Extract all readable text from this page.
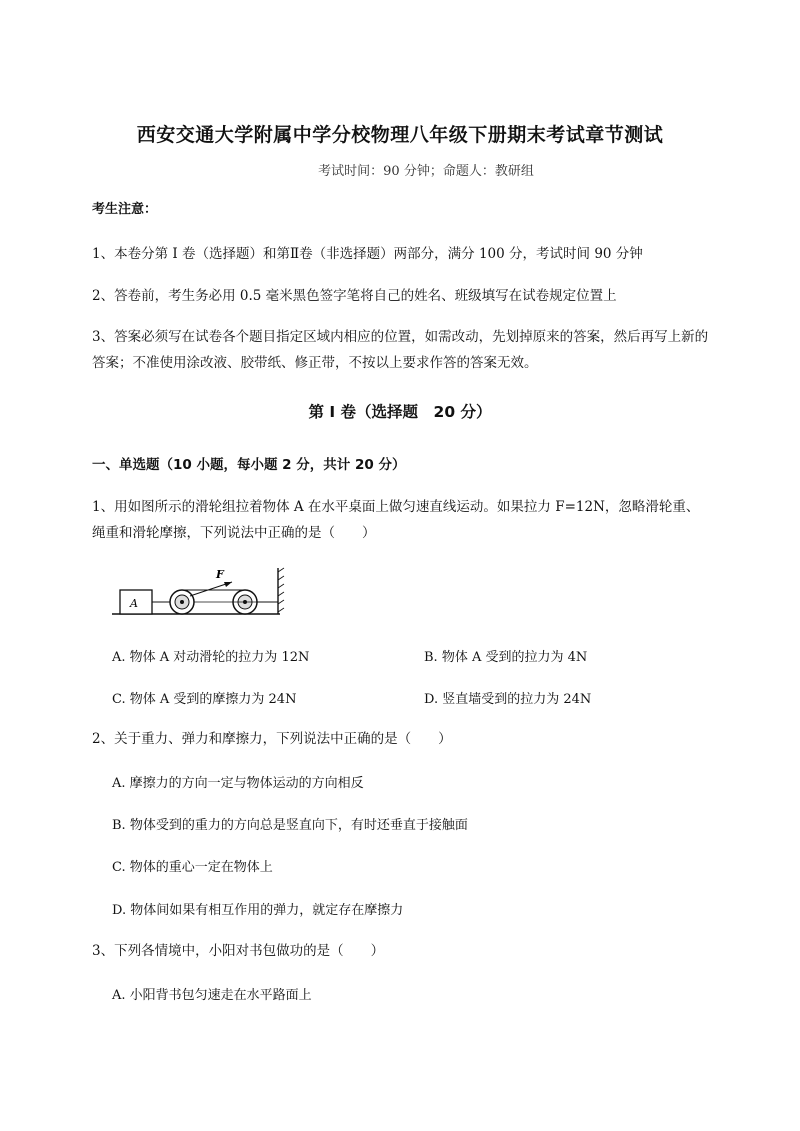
西安交通大学附属中学分校物理八年级下册期末考试章节测试
考试时间：90 分钟；命题人：教研组
考生注意：
1、本卷分第 I 卷（选择题）和第Ⅱ卷（非选择题）两部分，满分 100 分，考试时间 90 分钟
2、答卷前，考生务必用 0.5 毫米黑色签字笔将自己的姓名、班级填写在试卷规定位置上
3、答案必须写在试卷各个题目指定区域内相应的位置，如需改动，先划掉原来的答案，然后再写上新的答案；不准使用涂改液、胶带纸、修正带，不按以上要求作答的答案无效。
第 I 卷（选择题　20 分）
一、单选题（10 小题，每小题 2 分，共计 20 分）
1、用如图所示的滑轮组拉着物体 A 在水平桌面上做匀速直线运动。如果拉力 F=12N，忽略滑轮重、绳重和滑轮摩擦，下列说法中正确的是（　　）
A
F
A. 物体 A 对动滑轮的拉力为 12N	B. 物体 A 受到的拉力为 4N
C. 物体 A 受到的摩擦力为 24N	D. 竖直墙受到的拉力为 24N
2、关于重力、弹力和摩擦力，下列说法中正确的是（　　）
A. 摩擦力的方向一定与物体运动的方向相反
B. 物体受到的重力的方向总是竖直向下，有时还垂直于接触面
C. 物体的重心一定在物体上
D. 物体间如果有相互作用的弹力，就定存在摩擦力
3、下列各情境中，小阳对书包做功的是（　　）
A. 小阳背书包匀速走在水平路面上
